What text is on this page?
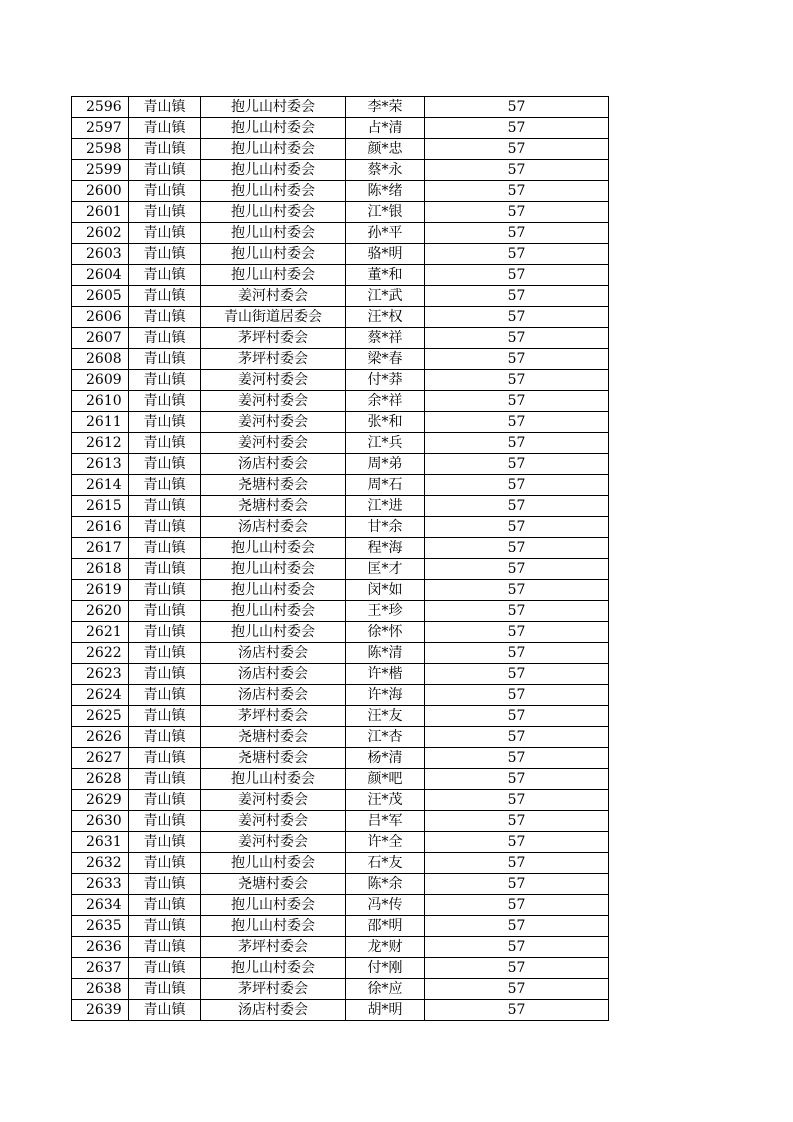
2596	青山镇	抱儿山村委会	李*荣	57
2597	青山镇	抱儿山村委会	占*清	57
2598	青山镇	抱儿山村委会	颜*忠	57
2599	青山镇	抱儿山村委会	蔡*永	57
2600	青山镇	抱儿山村委会	陈*绪	57
2601	青山镇	抱儿山村委会	江*银	57
2602	青山镇	抱儿山村委会	孙*平	57
2603	青山镇	抱儿山村委会	骆*明	57
2604	青山镇	抱儿山村委会	董*和	57
2605	青山镇	姜河村委会	江*武	57
2606	青山镇	青山街道居委会	汪*权	57
2607	青山镇	茅坪村委会	蔡*祥	57
2608	青山镇	茅坪村委会	梁*春	57
2609	青山镇	姜河村委会	付*莽	57
2610	青山镇	姜河村委会	余*祥	57
2611	青山镇	姜河村委会	张*和	57
2612	青山镇	姜河村委会	江*兵	57
2613	青山镇	汤店村委会	周*弟	57
2614	青山镇	尧塘村委会	周*石	57
2615	青山镇	尧塘村委会	江*进	57
2616	青山镇	汤店村委会	甘*余	57
2617	青山镇	抱儿山村委会	程*海	57
2618	青山镇	抱儿山村委会	匡*才	57
2619	青山镇	抱儿山村委会	闵*如	57
2620	青山镇	抱儿山村委会	王*珍	57
2621	青山镇	抱儿山村委会	徐*怀	57
2622	青山镇	汤店村委会	陈*清	57
2623	青山镇	汤店村委会	许*楷	57
2624	青山镇	汤店村委会	许*海	57
2625	青山镇	茅坪村委会	汪*友	57
2626	青山镇	尧塘村委会	江*杏	57
2627	青山镇	尧塘村委会	杨*清	57
2628	青山镇	抱儿山村委会	颜*吧	57
2629	青山镇	姜河村委会	汪*茂	57
2630	青山镇	姜河村委会	吕*军	57
2631	青山镇	姜河村委会	许*全	57
2632	青山镇	抱儿山村委会	石*友	57
2633	青山镇	尧塘村委会	陈*余	57
2634	青山镇	抱儿山村委会	冯*传	57
2635	青山镇	抱儿山村委会	邵*明	57
2636	青山镇	茅坪村委会	龙*财	57
2637	青山镇	抱儿山村委会	付*刚	57
2638	青山镇	茅坪村委会	徐*应	57
2639	青山镇	汤店村委会	胡*明	57
